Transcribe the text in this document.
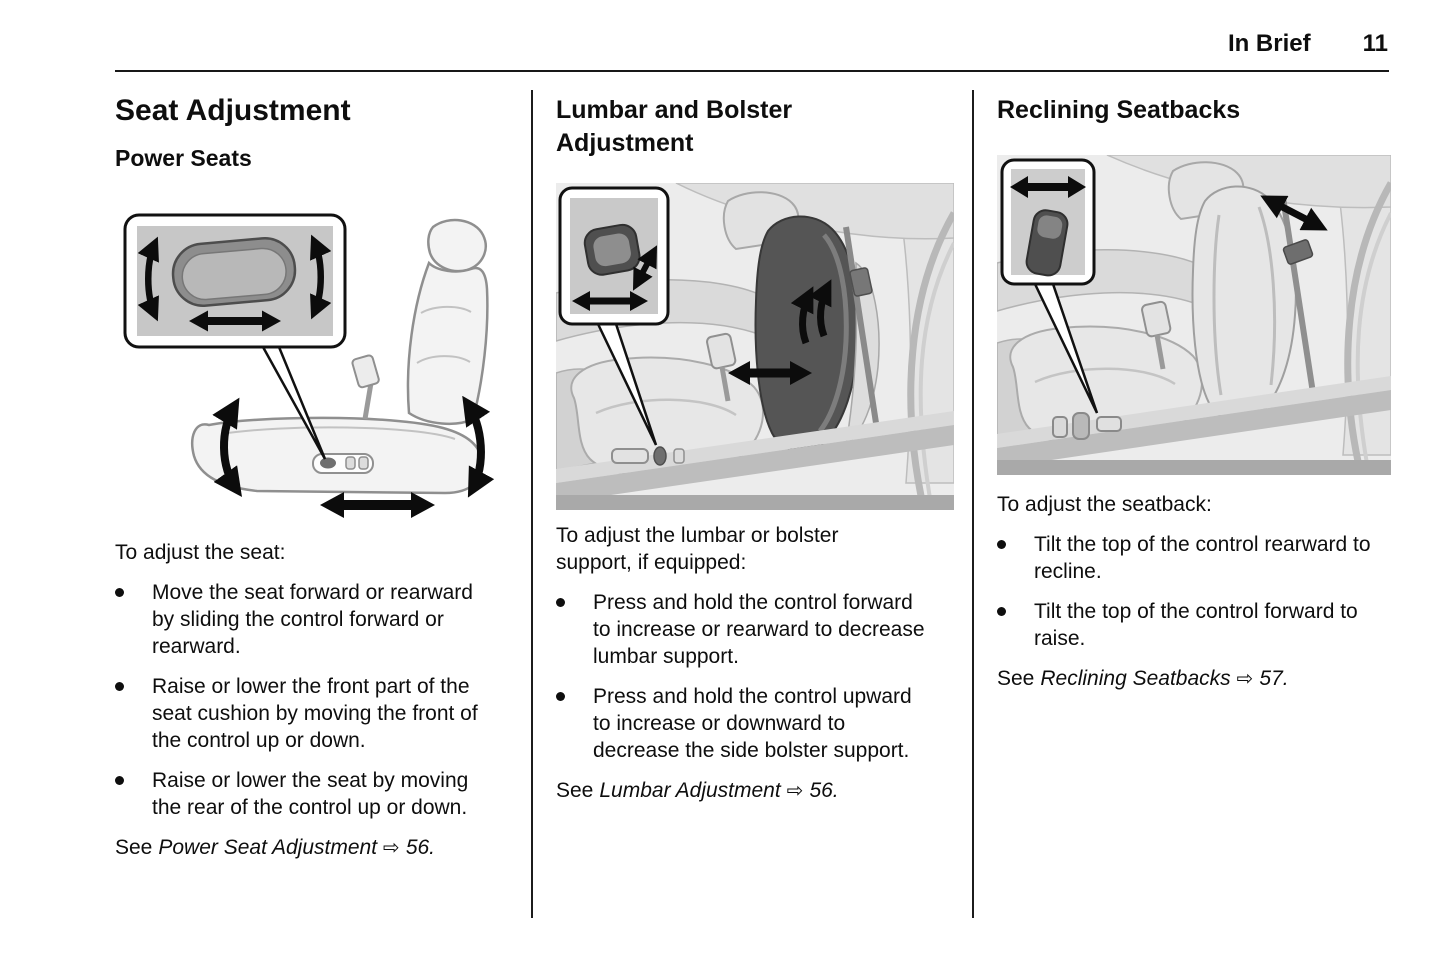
In Brief 11
Seat Adjustment
Power Seats

To adjust the seat:

Move the seat forward or rearward by sliding the control forward or rearward.
Raise or lower the front part of the seat cushion by moving the front of the control up or down.
Raise or lower the seat by moving the rear of the control up or down.

See Power Seat Adjustment ⇨ 56.

Lumbar and Bolster Adjustment

To adjust the lumbar or bolster support, if equipped:

Press and hold the control forward to increase or rearward to decrease lumbar support.
Press and hold the control upward to increase or downward to decrease the side bolster support.

See Lumbar Adjustment ⇨ 56.

Reclining Seatbacks

To adjust the seatback:

Tilt the top of the control rearward to recline.
Tilt the top of the control forward to raise.

See Reclining Seatbacks ⇨ 57.
